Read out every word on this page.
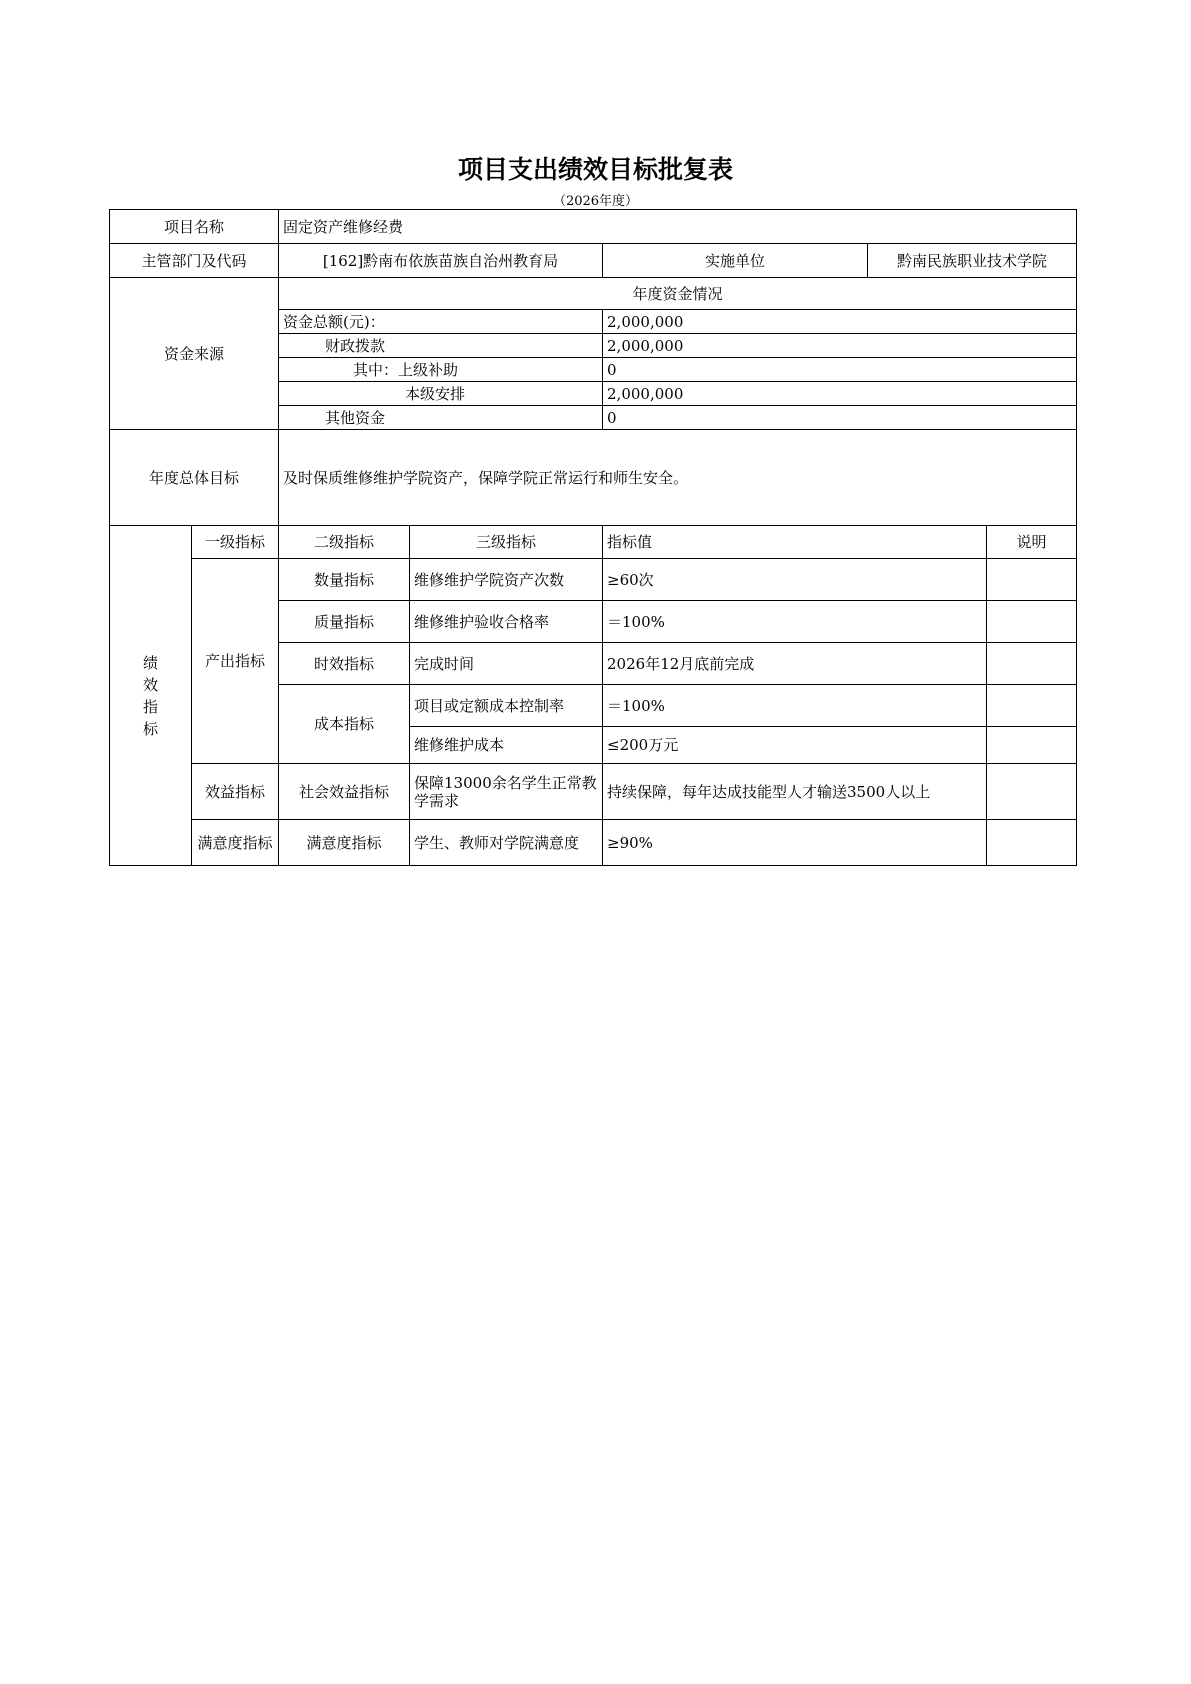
项目支出绩效目标批复表
（2026年度）
项目名称		固定资产维修经费				
主管部门及代码		[162]黔南布依族苗族自治州教育局		实施单位	黔南民族职业技术学院	
资金来源		年度资金情况				
		资金总额(元)：		2,000,000		
		财政拨款		2,000,000		
		其中：上级补助		0		
		本级安排		2,000,000		
		其他资金		0		
年度总体目标		及时保质维修维护学院资产，保障学院正常运行和师生安全。				
绩
效
指
标	一级指标	二级指标	三级指标	指标值		说明
	产出指标	数量指标	维修维护学院资产次数	≥60次		
		质量指标	维修维护验收合格率	＝100%		
		时效指标	完成时间	2026年12月底前完成		
		成本指标	项目或定额成本控制率	＝100%		
			维修维护成本	≤200万元		
	效益指标	社会效益指标	保障13000余名学生正常教学需求	持续保障，每年达成技能型人才输送3500人以上		
	满意度指标	满意度指标	学生、教师对学院满意度	≥90%		
